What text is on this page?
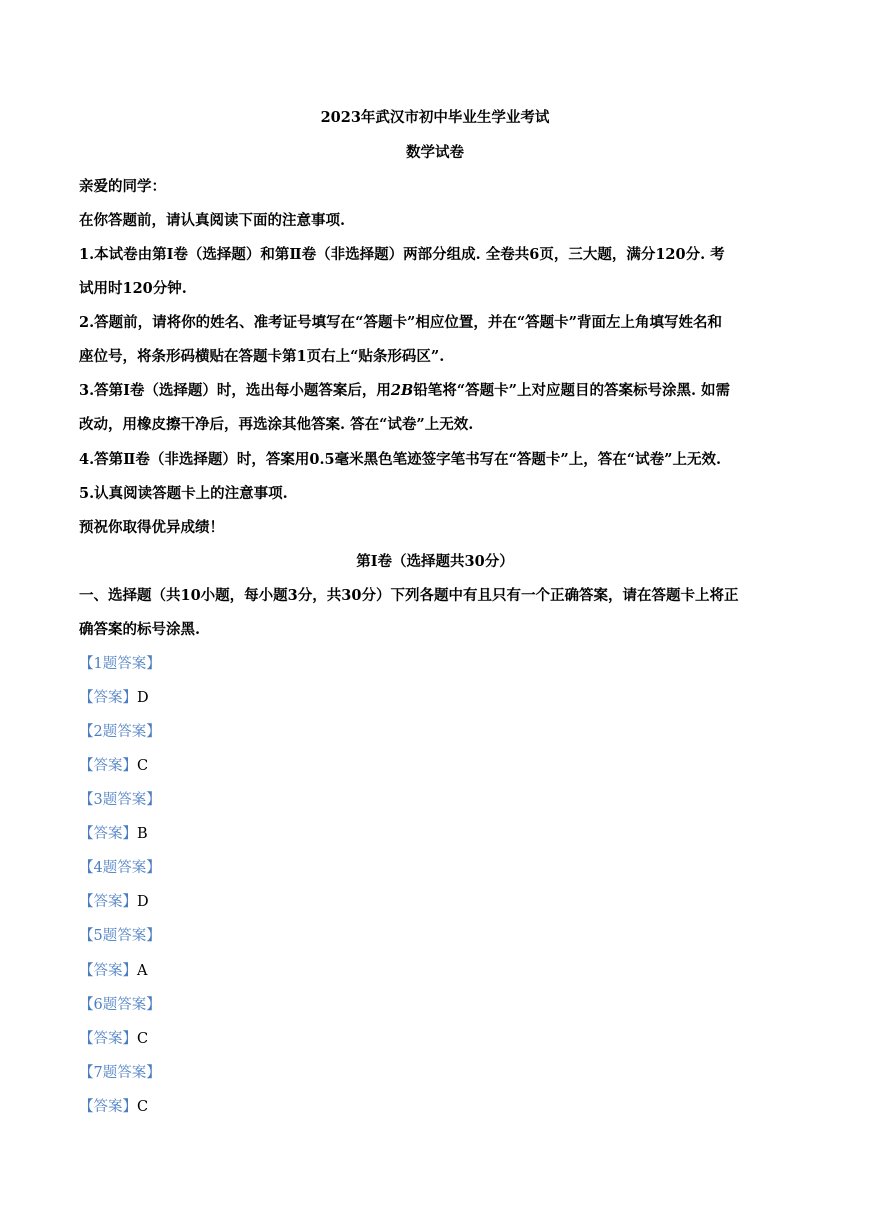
2023年武汉市初中毕业生学业考试
数学试卷
亲爱的同学：
在你答题前，请认真阅读下面的注意事项.
1.本试卷由第Ⅰ卷（选择题）和第Ⅱ卷（非选择题）两部分组成. 全卷共6页，三大题，满分120分. 考
试用时120分钟.
2.答题前，请将你的姓名、准考证号填写在“答题卡”相应位置，并在“答题卡”背面左上角填写姓名和
座位号，将条形码横贴在答题卡第1页右上“贴条形码区”.
3.答第Ⅰ卷（选择题）时，选出每小题答案后，用2B铅笔将“答题卡”上对应题目的答案标号涂黑. 如需
改动，用橡皮擦干净后，再选涂其他答案. 答在“试卷”上无效.
4.答第Ⅱ卷（非选择题）时，答案用0.5毫米黑色笔迹签字笔书写在“答题卡”上，答在“试卷”上无效.
5.认真阅读答题卡上的注意事项.
预祝你取得优异成绩！
第Ⅰ卷（选择题共30分）
一、选择题（共10小题，每小题3分，共30分）下列各题中有且只有一个正确答案，请在答题卡上将正
确答案的标号涂黑.
【1题答案】
【答案】D
【2题答案】
【答案】C
【3题答案】
【答案】B
【4题答案】
【答案】D
【5题答案】
【答案】A
【6题答案】
【答案】C
【7题答案】
【答案】C
